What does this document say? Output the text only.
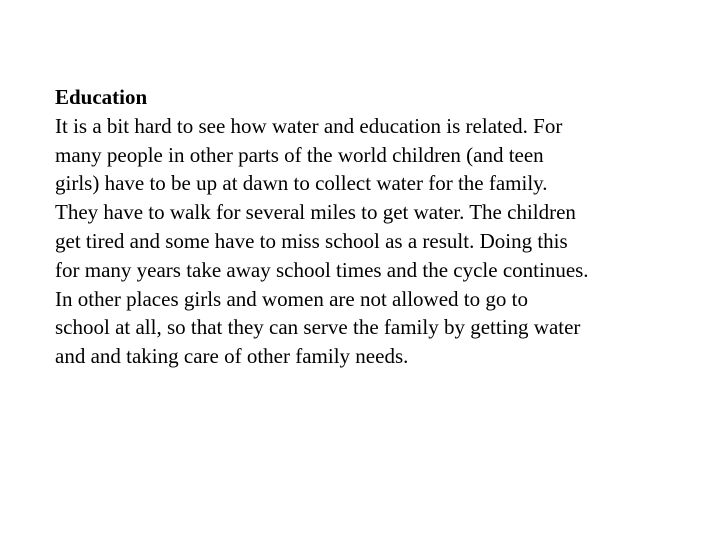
Education
It is a bit hard to see how water and education is related. For
many people in other parts of the world children (and teen
girls) have to be up at dawn to collect water for the family.
They have to walk for several miles to get water. The children
get tired and some have to miss school as a result. Doing this
for many years take away school times and the cycle continues.
In other places girls and women are not allowed to go to
school at all, so that they can serve the family by getting water
and and taking care of other family needs.
